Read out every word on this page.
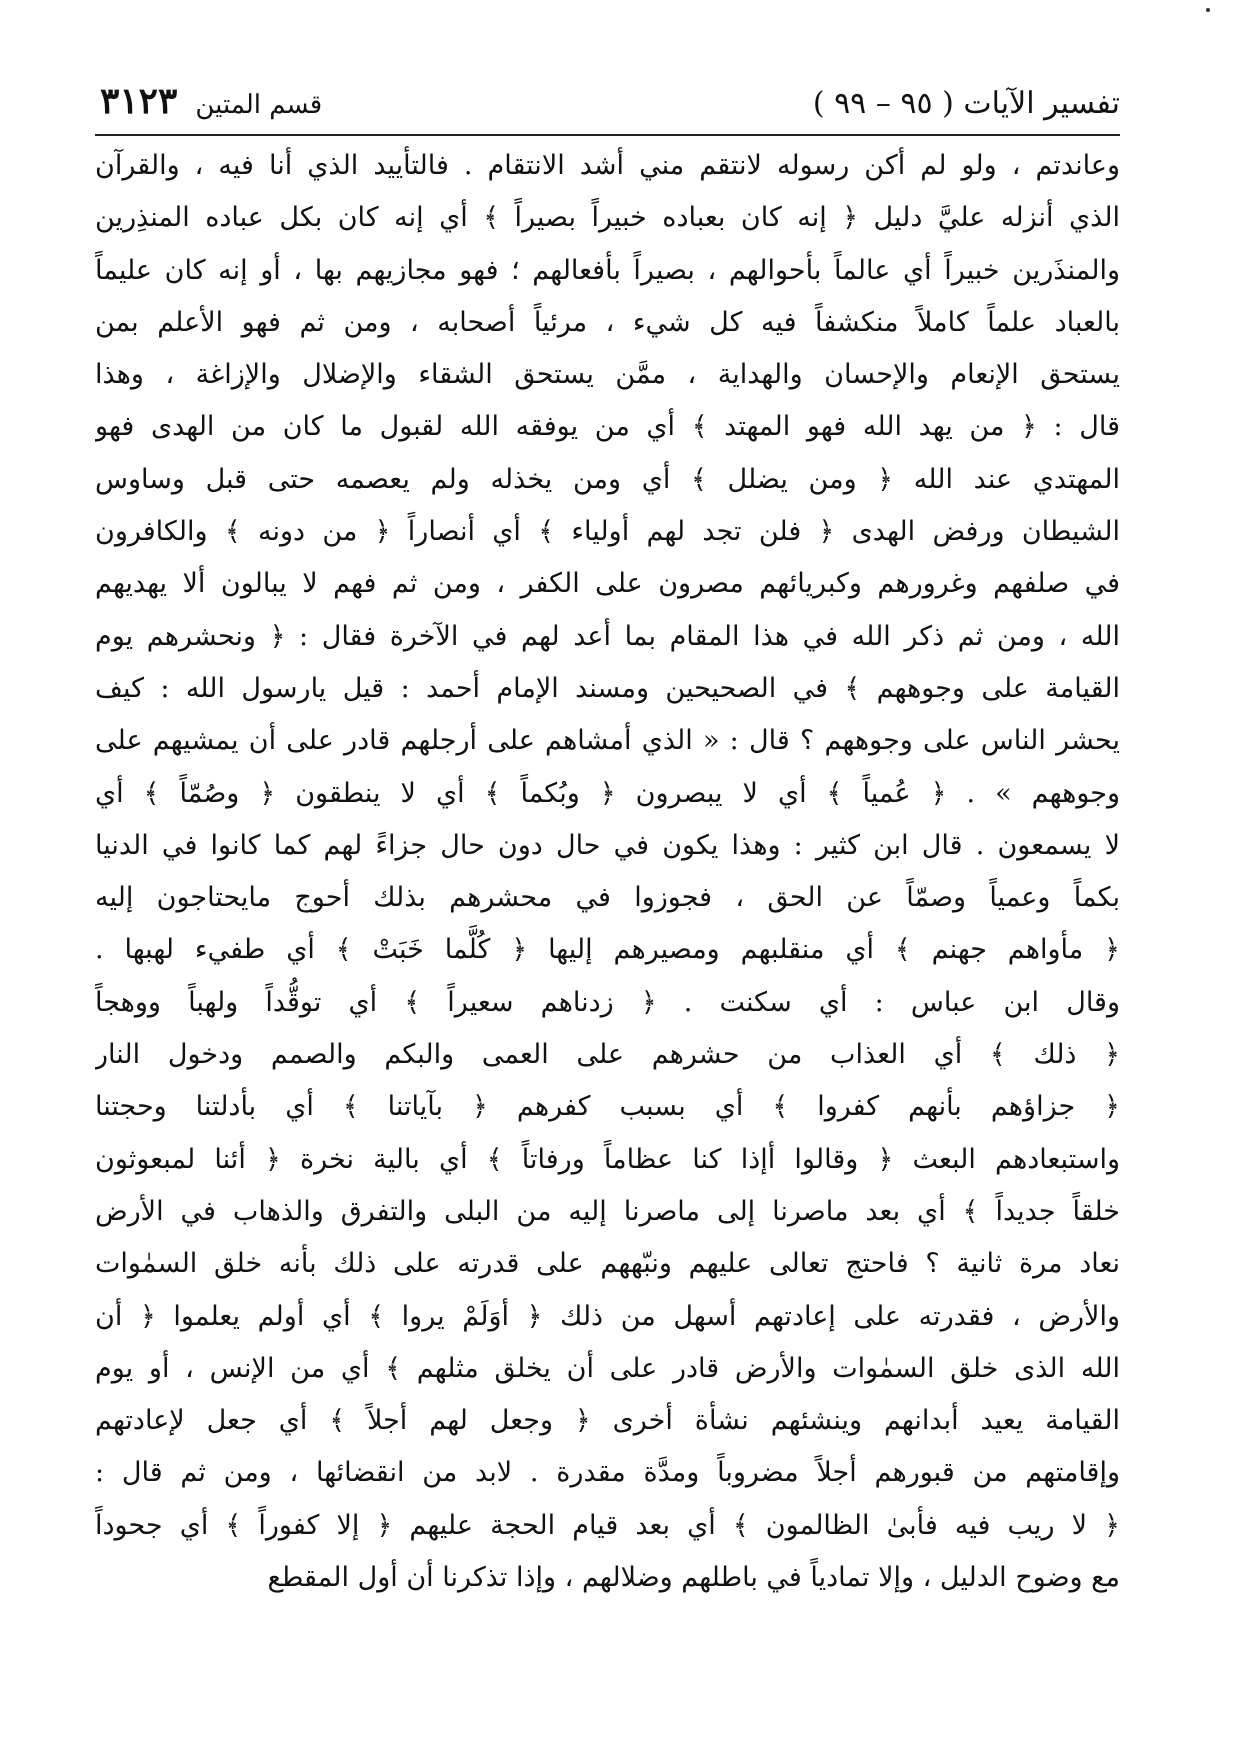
تفسير الآيات ( ٩٥ – ٩٩ )
قسم المتين
٣١٢٣
وعاندتم ، ولو لم أكن رسوله لانتقم مني أشد الانتقام . فالتأييد الذي أنا فيه ، والقرآن
الذي أنزله عليَّ دليل ﴿ إنه كان بعباده خبيراً بصيراً ﴾ أي إنه كان بكل عباده المنذِرين
والمنذَرين خبيراً أي عالماً بأحوالهم ، بصيراً بأفعالهم ؛ فهو مجازيهم بها ، أو إنه كان عليماً
بالعباد علماً كاملاً منكشفاً فيه كل شيء ، مرئياً أصحابه ، ومن ثم فهو الأعلم بمن
يستحق الإنعام والإحسان والهداية ، ممَّن يستحق الشقاء والإضلال والإزاغة ، وهذا
قال : ﴿ من يهد الله فهو المهتد ﴾ أي من يوفقه الله لقبول ما كان من الهدى فهو
المهتدي عند الله ﴿ ومن يضلل ﴾ أي ومن يخذله ولم يعصمه حتى قبل وساوس
الشيطان ورفض الهدى ﴿ فلن تجد لهم أولياء ﴾ أي أنصاراً ﴿ من دونه ﴾ والكافرون
في صلفهم وغرورهم وكبريائهم مصرون على الكفر ، ومن ثم فهم لا يبالون ألا يهديهم
الله ، ومن ثم ذكر الله في هذا المقام بما أعد لهم في الآخرة فقال : ﴿ ونحشرهم يوم
القيامة على وجوههم ﴾ في الصحيحين ومسند الإمام أحمد : قيل يارسول الله : كيف
يحشر الناس على وجوههم ؟ قال : « الذي أمشاهم على أرجلهم قادر على أن يمشيهم على
وجوههم » . ﴿ عُمياً ﴾ أي لا يبصرون ﴿ وبُكماً ﴾ أي لا ينطقون ﴿ وصُمّاً ﴾ أي
لا يسمعون . قال ابن كثير : وهذا يكون في حال دون حال جزاءً لهم كما كانوا في الدنيا
بكماً وعمياً وصمّاً عن الحق ، فجوزوا في محشرهم بذلك أحوج مايحتاجون إليه
﴿ مأواهم جهنم ﴾ أي منقلبهم ومصيرهم إليها ﴿ كُلَّما خَبَتْ ﴾ أي طفيء لهبها .
وقال ابن عباس : أي سكنت . ﴿ زدناهم سعيراً ﴾ أي توقُّداً ولهباً ووهجاً
﴿ ذلك ﴾ أي العذاب من حشرهم على العمى والبكم والصمم ودخول النار
﴿ جزاؤهم بأنهم كفروا ﴾ أي بسبب كفرهم ﴿ بآياتنا ﴾ أي بأدلتنا وحجتنا
واستبعادهم البعث ﴿ وقالوا أإذا كنا عظاماً ورفاتاً ﴾ أي بالية نخرة ﴿ أئنا لمبعوثون
خلقاً جديداً ﴾ أي بعد ماصرنا إلى ماصرنا إليه من البلى والتفرق والذهاب في الأرض
نعاد مرة ثانية ؟ فاحتج تعالى عليهم ونبّههم على قدرته على ذلك بأنه خلق السمٰوات
والأرض ، فقدرته على إعادتهم أسهل من ذلك ﴿ أوَلَمْ يروا ﴾ أي أولم يعلموا ﴿ أن
الله الذى خلق السمٰوات والأرض قادر على أن يخلق مثلهم ﴾ أي من الإنس ، أو يوم
القيامة يعيد أبدانهم وينشئهم نشأة أخرى ﴿ وجعل لهم أجلاً ﴾ أي جعل لإعادتهم
وإقامتهم من قبورهم أجلاً مضروباً ومدَّة مقدرة . لابد من انقضائها ، ومن ثم قال :
﴿ لا ريب فيه فأبىٰ الظالمون ﴾ أي بعد قيام الحجة عليهم ﴿ إلا كفوراً ﴾ أي جحوداً
مع وضوح الدليل ، وإلا تمادياً في باطلهم وضلالهم ، وإذا تذكرنا أن أول المقطع
